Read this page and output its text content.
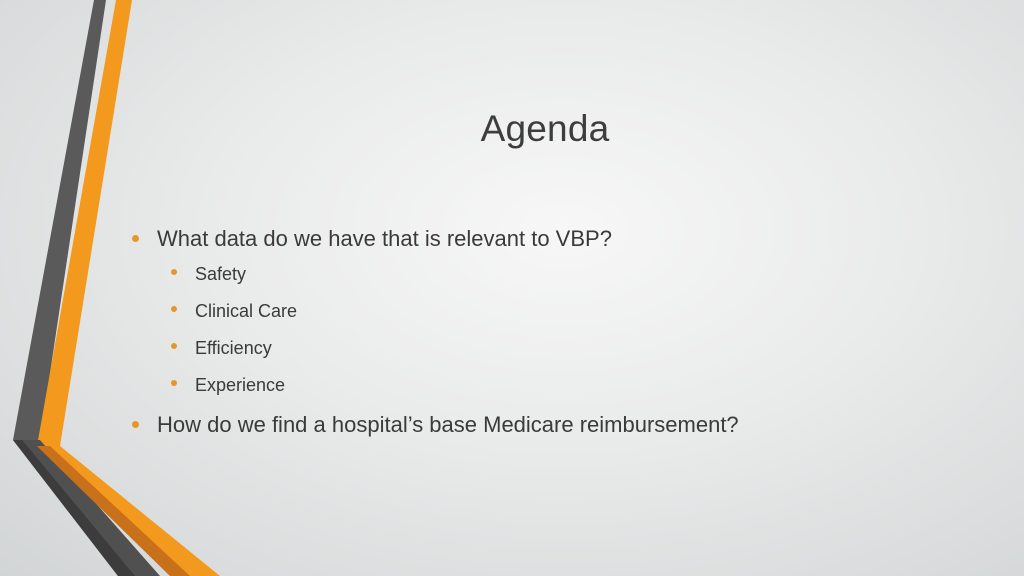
Agenda
What data do we have that is relevant to VBP?
Safety
Clinical Care
Efficiency
Experience
How do we find a hospital’s base Medicare reimbursement?
